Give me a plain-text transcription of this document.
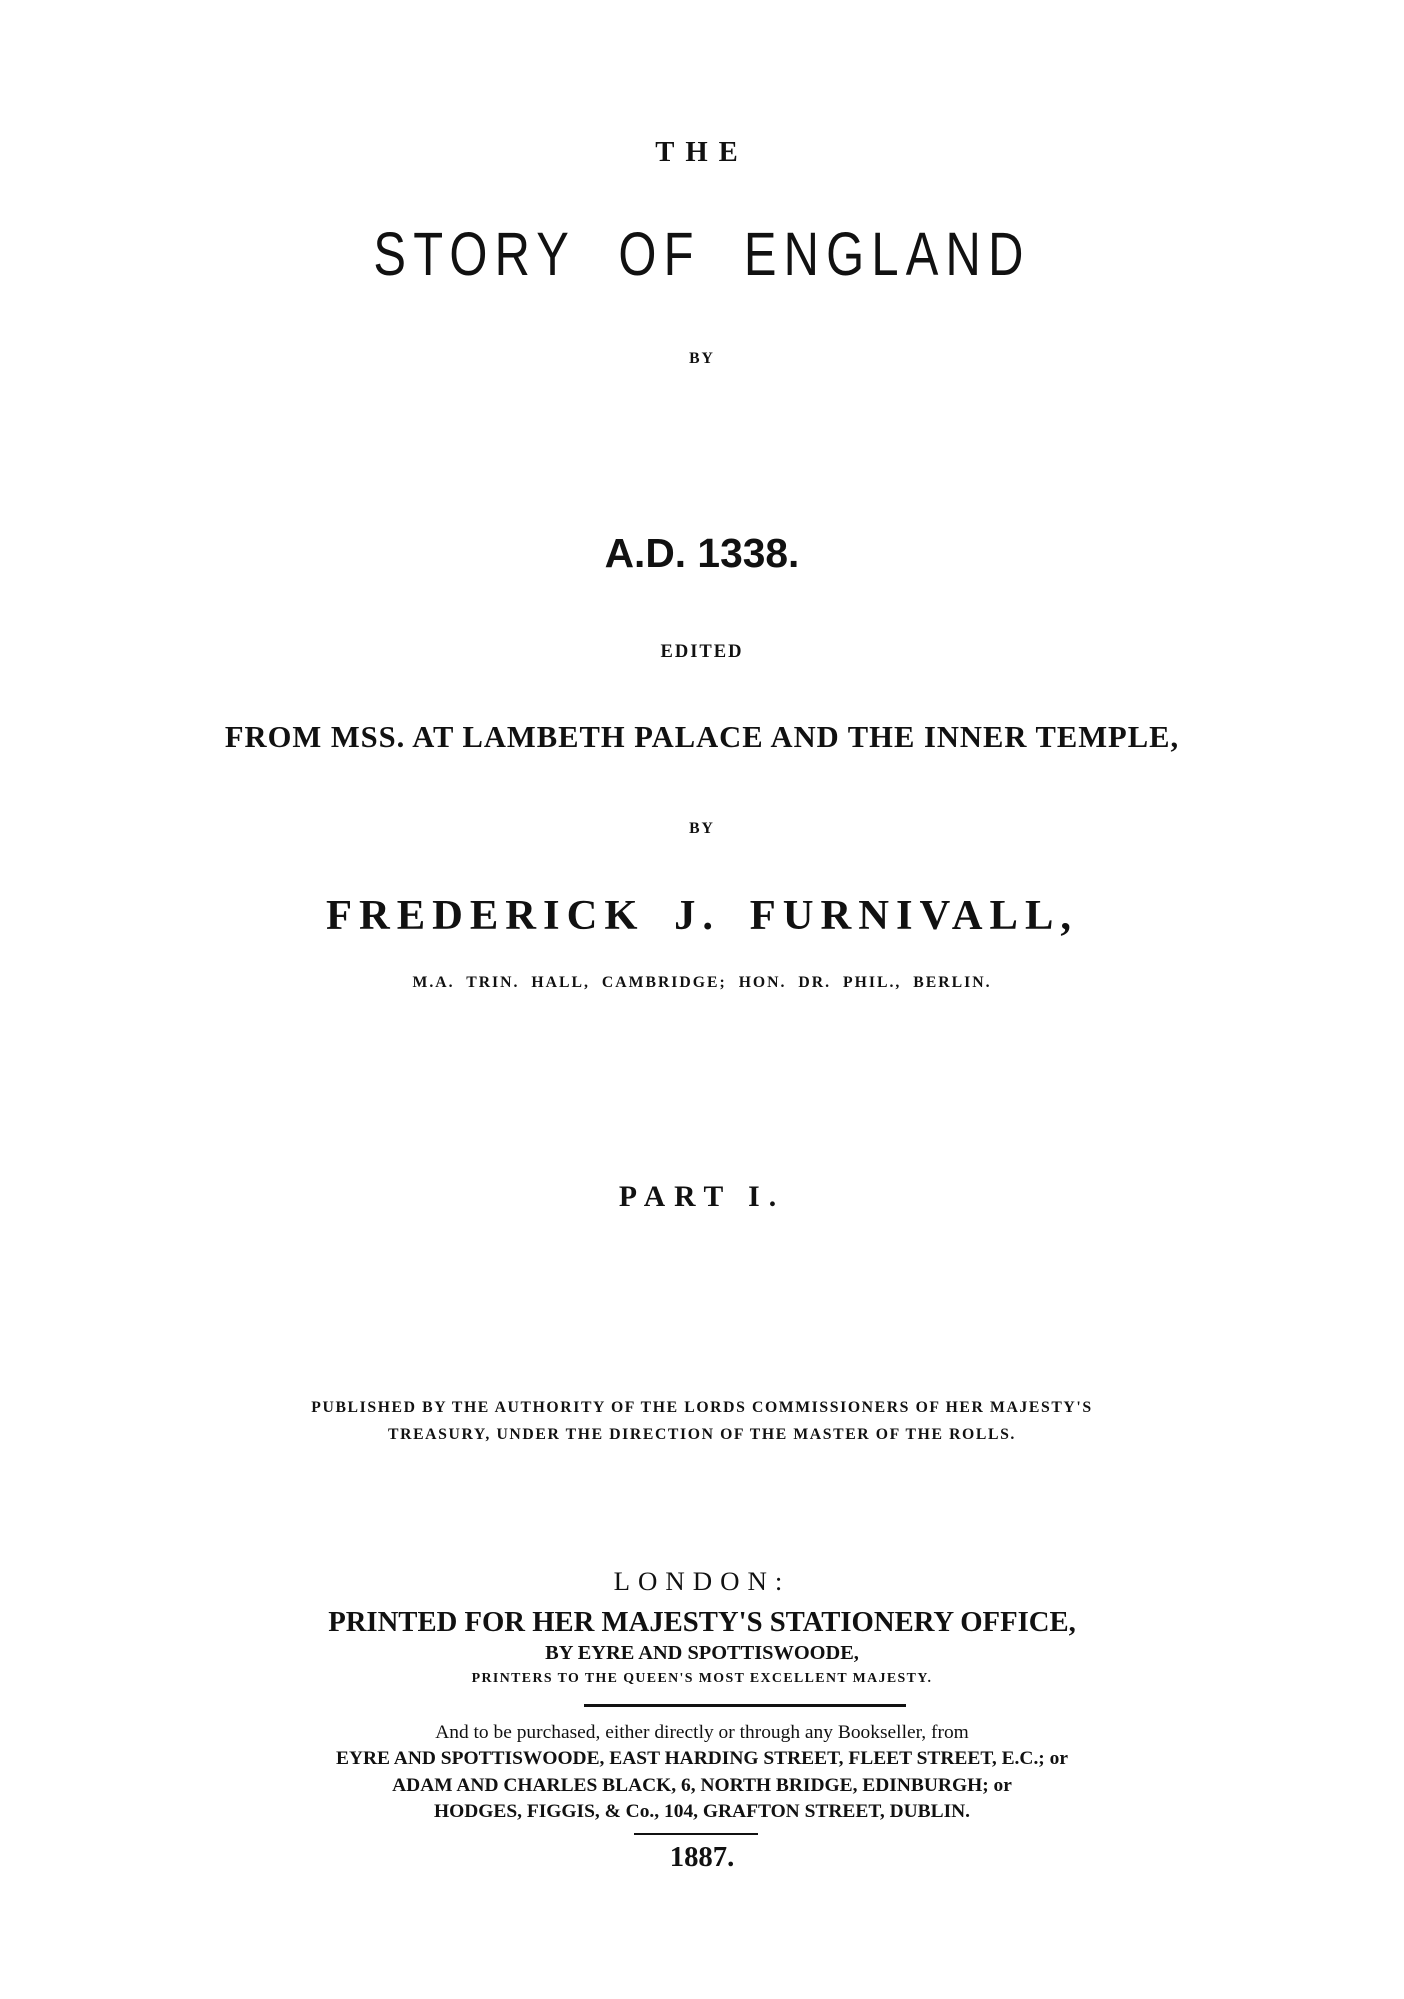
THE

STORY OF ENGLAND

BY

A.D. 1338.

EDITED

FROM MSS. AT LAMBETH PALACE AND THE INNER TEMPLE,

BY

FREDERICK J. FURNIVALL,

M.A. TRIN. HALL, CAMBRIDGE; HON. DR. PHIL., BERLIN.

PART I.

PUBLISHED BY THE AUTHORITY OF THE LORDS COMMISSIONERS OF HER MAJESTY'S

TREASURY, UNDER THE DIRECTION OF THE MASTER OF THE ROLLS.

LONDON:

PRINTED FOR HER MAJESTY'S STATIONERY OFFICE,

BY EYRE AND SPOTTISWOODE,

PRINTERS TO THE QUEEN'S MOST EXCELLENT MAJESTY.

And to be purchased, either directly or through any Bookseller, from

EYRE AND SPOTTISWOODE, EAST HARDING STREET, FLEET STREET, E.C.; or

ADAM AND CHARLES BLACK, 6, NORTH BRIDGE, EDINBURGH; or

HODGES, FIGGIS, & Co., 104, GRAFTON STREET, DUBLIN.

1887.
